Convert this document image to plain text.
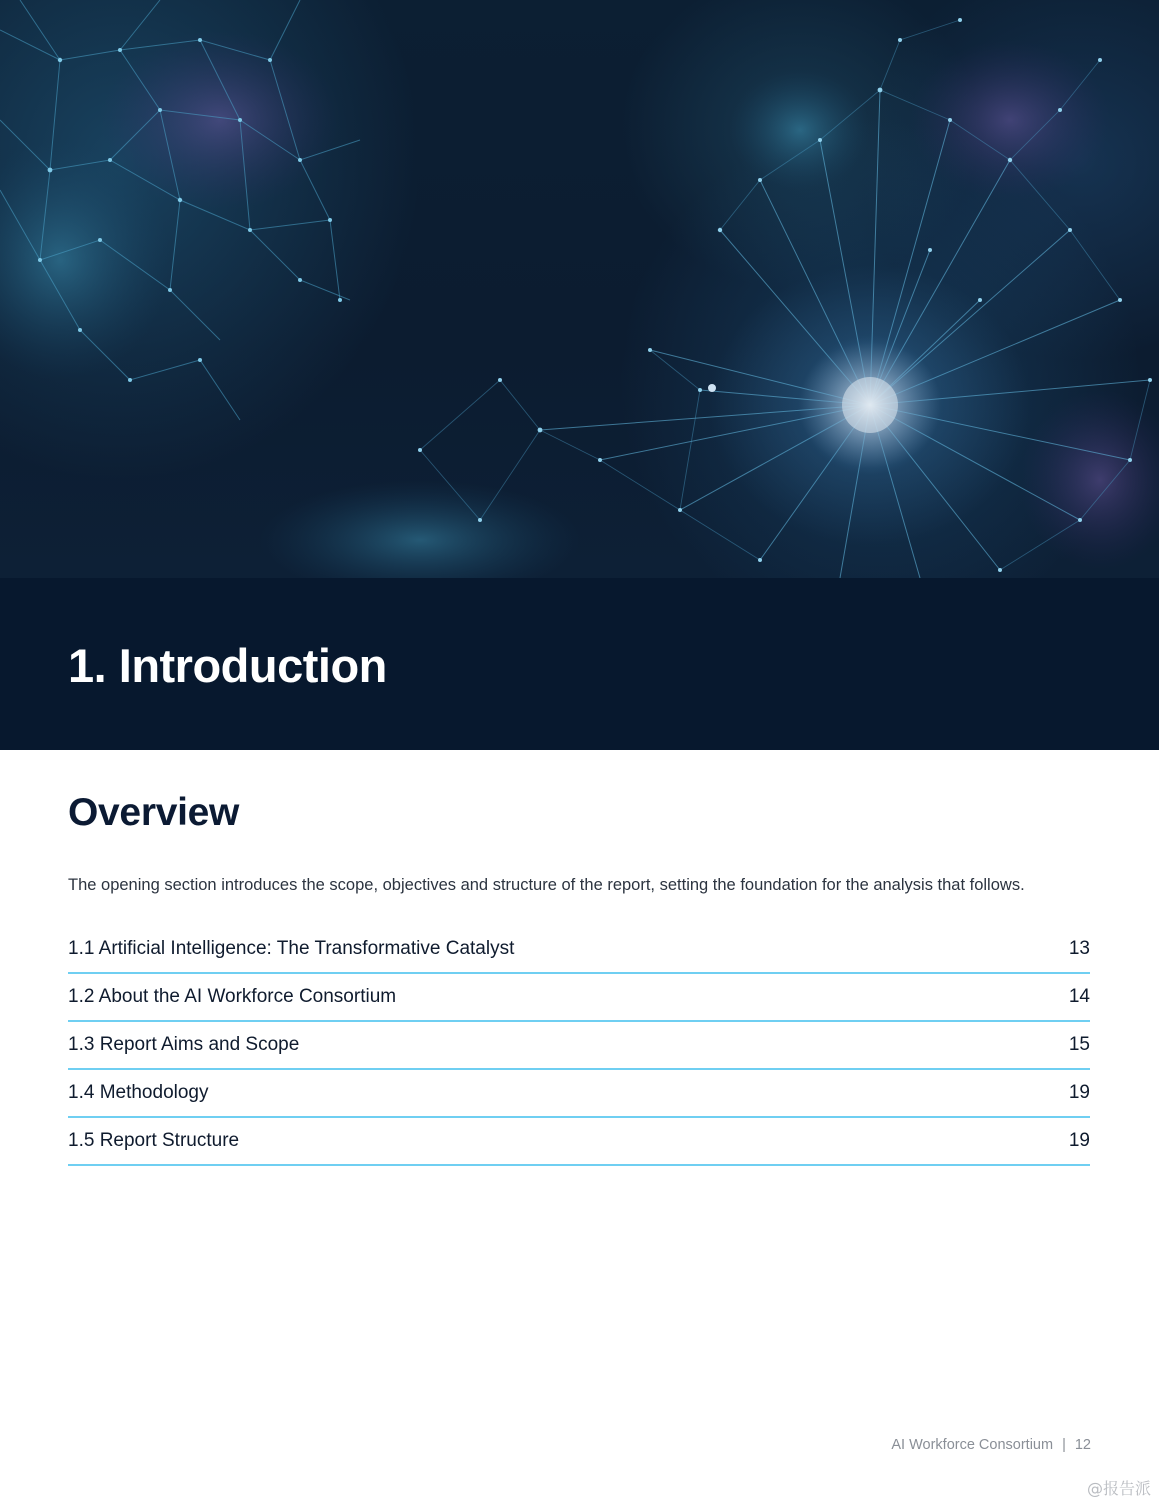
1. Introduction
Overview

The opening section introduces the scope, objectives and structure of the report, setting the foundation for the analysis that follows.

1.1 Artificial Intelligence: The Transformative Catalyst	13
1.2 About the AI Workforce Consortium	14
1.3 Report Aims and Scope	15
1.4 Methodology	19
1.5 Report Structure	19
AI Workforce Consortium | 12
@报告派
